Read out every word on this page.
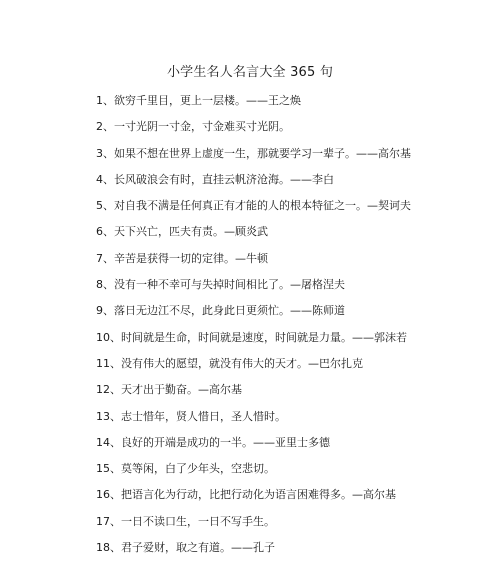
小学生名人名言大全 365 句
1、欲穷千里目，更上一层楼。——王之焕
2、一寸光阴一寸金，寸金难买寸光阴。
3、如果不想在世界上虚度一生，那就要学习一辈子。——高尔基
4、长风破浪会有时，直挂云帆济沧海。——李白
5、对自我不满是任何真正有才能的人的根本特征之一。—契诃夫
6、天下兴亡，匹夫有责。—顾炎武
7、辛苦是获得一切的定律。—牛顿
8、没有一种不幸可与失掉时间相比了。—屠格涅夫
9、落日无边江不尽，此身此日更须忙。——陈师道
10、时间就是生命，时间就是速度，时间就是力量。——郭沫若
11、没有伟大的愿望，就没有伟大的天才。—巴尔扎克
12、天才出于勤奋。—高尔基
13、志士惜年，贤人惜日，圣人惜时。
14、良好的开端是成功的一半。——亚里士多德
15、莫等闲，白了少年头，空悲切。
16、把语言化为行动，比把行动化为语言困难得多。—高尔基
17、一日不读口生，一日不写手生。
18、君子爱财，取之有道。——孔子
